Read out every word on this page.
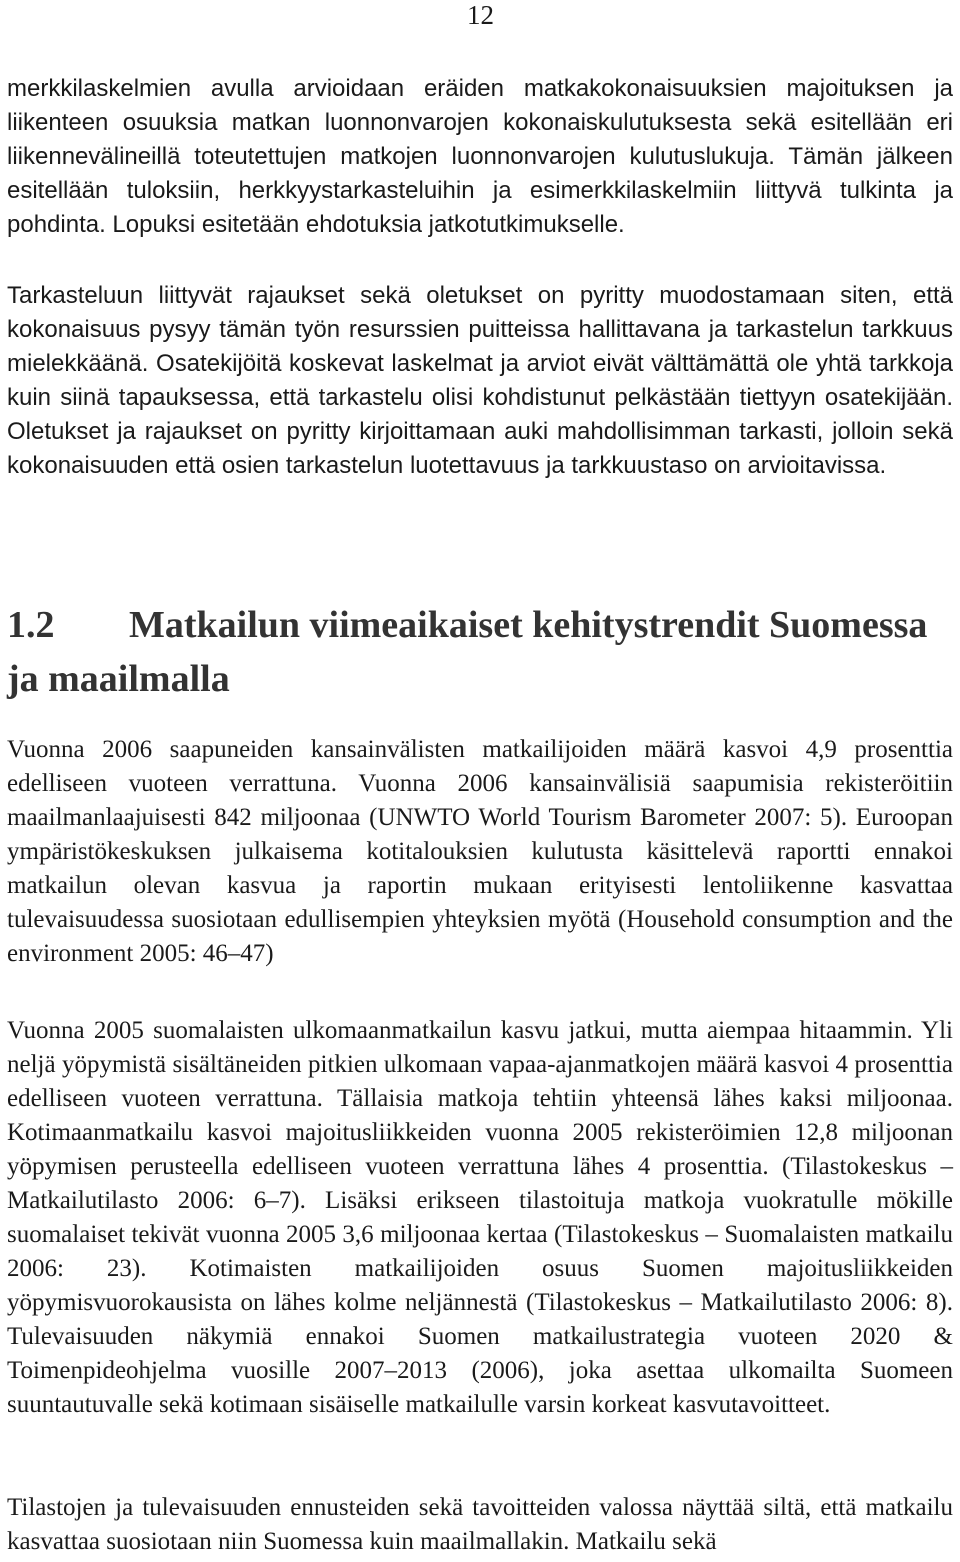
12

merkkilaskelmien avulla arvioidaan eräiden matkakokonaisuuksien majoituksen ja liikenteen osuuksia matkan luonnonvarojen kokonaiskulutuksesta sekä esitellään eri liikennevälineillä toteutettujen matkojen luonnonvarojen kulutuslukuja. Tämän jälkeen esitellään tuloksiin, herkkyystarkasteluihin ja esimerkkilaskelmiin liittyvä tulkinta ja pohdinta. Lopuksi esitetään ehdotuksia jatkotutkimukselle.

Tarkasteluun liittyvät rajaukset sekä oletukset on pyritty muodostamaan siten, että kokonaisuus pysyy tämän työn resurssien puitteissa hallittavana ja tarkastelun tarkkuus mielekkäänä. Osatekijöitä koskevat laskelmat ja arviot eivät välttämättä ole yhtä tarkkoja kuin siinä tapauksessa, että tarkastelu olisi kohdistunut pelkästään tiettyyn osatekijään. Oletukset ja rajaukset on pyritty kirjoittamaan auki mahdollisimman tarkasti, jolloin sekä kokonaisuuden että osien tarkastelun luotettavuus ja tarkkuustaso on arvioitavissa.

1.2 Matkailun viimeaikaiset kehitystrendit Suomessa ja maailmalla

Vuonna 2006 saapuneiden kansainvälisten matkailijoiden määrä kasvoi 4,9 prosenttia edelliseen vuoteen verrattuna. Vuonna 2006 kansainvälisiä saapumisia rekisteröitiin maailmanlaajuisesti 842 miljoonaa (UNWTO World Tourism Barometer 2007: 5). Euroopan ympäristökeskuksen julkaisema kotitalouksien kulutusta käsittelevä raportti ennakoi matkailun olevan kasvua ja raportin mukaan erityisesti lentoliikenne kasvattaa tulevaisuudessa suosiotaan edullisempien yhteyksien myötä (Household consumption and the environment 2005: 46–47)

Vuonna 2005 suomalaisten ulkomaanmatkailun kasvu jatkui, mutta aiempaa hitaammin. Yli neljä yöpymistä sisältäneiden pitkien ulkomaan vapaa-ajanmatkojen määrä kasvoi 4 prosenttia edelliseen vuoteen verrattuna. Tällaisia matkoja tehtiin yhteensä lähes kaksi miljoonaa. Kotimaanmatkailu kasvoi majoitusliikkeiden vuonna 2005 rekisteröimien 12,8 miljoonan yöpymisen perusteella edelliseen vuoteen verrattuna lähes 4 prosenttia. (Tilastokeskus – Matkailutilasto 2006: 6–7). Lisäksi erikseen tilastoituja matkoja vuokratulle mökille suomalaiset tekivät vuonna 2005 3,6 miljoonaa kertaa (Tilastokeskus – Suomalaisten matkailu 2006: 23). Kotimaisten matkailijoiden osuus Suomen majoitusliikkeiden yöpymisvuorokausista on lähes kolme neljännestä (Tilastokeskus – Matkailutilasto 2006: 8). Tulevaisuuden näkymiä ennakoi Suomen matkailustrategia vuoteen 2020 & Toimenpideohjelma vuosille 2007–2013 (2006), joka asettaa ulkomailta Suomeen suuntautuvalle sekä kotimaan sisäiselle matkailulle varsin korkeat kasvutavoitteet.

Tilastojen ja tulevaisuuden ennusteiden sekä tavoitteiden valossa näyttää siltä, että matkailu kasvattaa suosiotaan niin Suomessa kuin maailmallakin. Matkailu sekä
